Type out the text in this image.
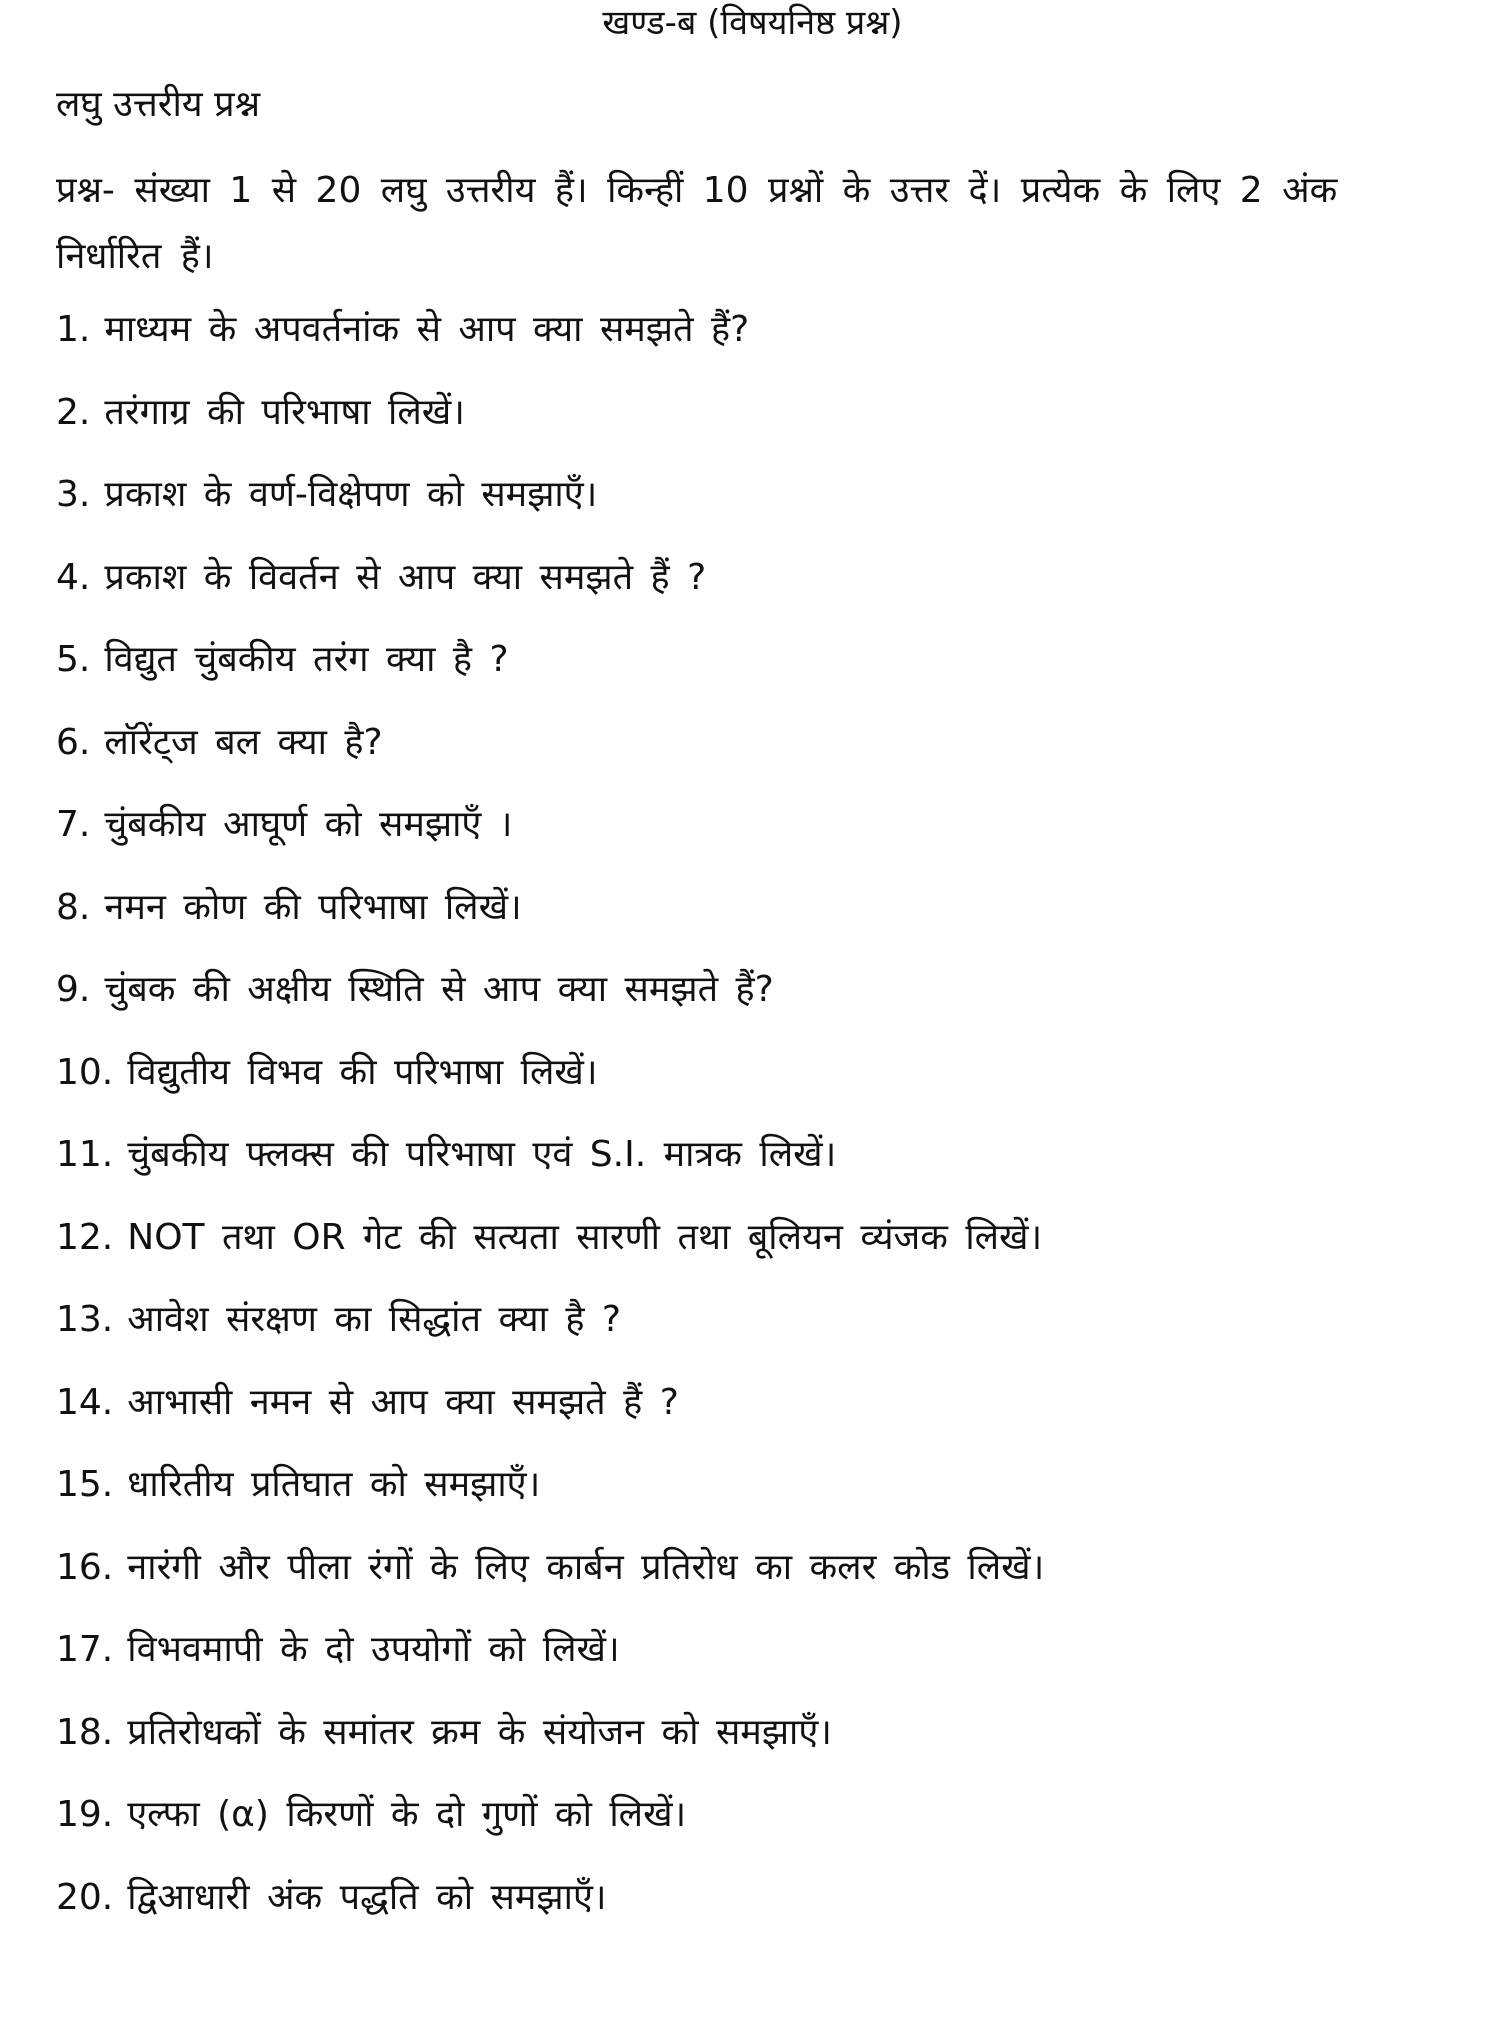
खण्ड-ब (विषयनिष्ठ प्रश्न)
लघु उत्तरीय प्रश्न

प्रश्न- संख्या 1 से 20 लघु उत्तरीय हैं। किन्हीं 10 प्रश्नों के उत्तर दें। प्रत्येक के लिए 2 अंक निर्धारित हैं।

1. माध्यम के अपवर्तनांक से आप क्या समझते हैं?
2. तरंगाग्र की परिभाषा लिखें।
3. प्रकाश के वर्ण-विक्षेपण को समझाएँ।
4. प्रकाश के विवर्तन से आप क्या समझते हैं ?
5. विद्युत चुंबकीय तरंग क्या है ?
6. लॉरेंट्ज बल क्या है?
7. चुंबकीय आघूर्ण को समझाएँ ।
8. नमन कोण की परिभाषा लिखें।
9. चुंबक की अक्षीय स्थिति से आप क्या समझते हैं?
10. विद्युतीय विभव की परिभाषा लिखें।
11. चुंबकीय फ्लक्स की परिभाषा एवं S.I. मात्रक लिखें।
12. NOT तथा OR गेट की सत्यता सारणी तथा बूलियन व्यंजक लिखें।
13. आवेश संरक्षण का सिद्धांत क्या है ?
14. आभासी नमन से आप क्या समझते हैं ?
15. धारितीय प्रतिघात को समझाएँ।
16. नारंगी और पीला रंगों के लिए कार्बन प्रतिरोध का कलर कोड लिखें।
17. विभवमापी के दो उपयोगों को लिखें।
18. प्रतिरोधकों के समांतर क्रम के संयोजन को समझाएँ।
19. एल्फा (α) किरणों के दो गुणों को लिखें।
20. द्विआधारी अंक पद्धति को समझाएँ।
